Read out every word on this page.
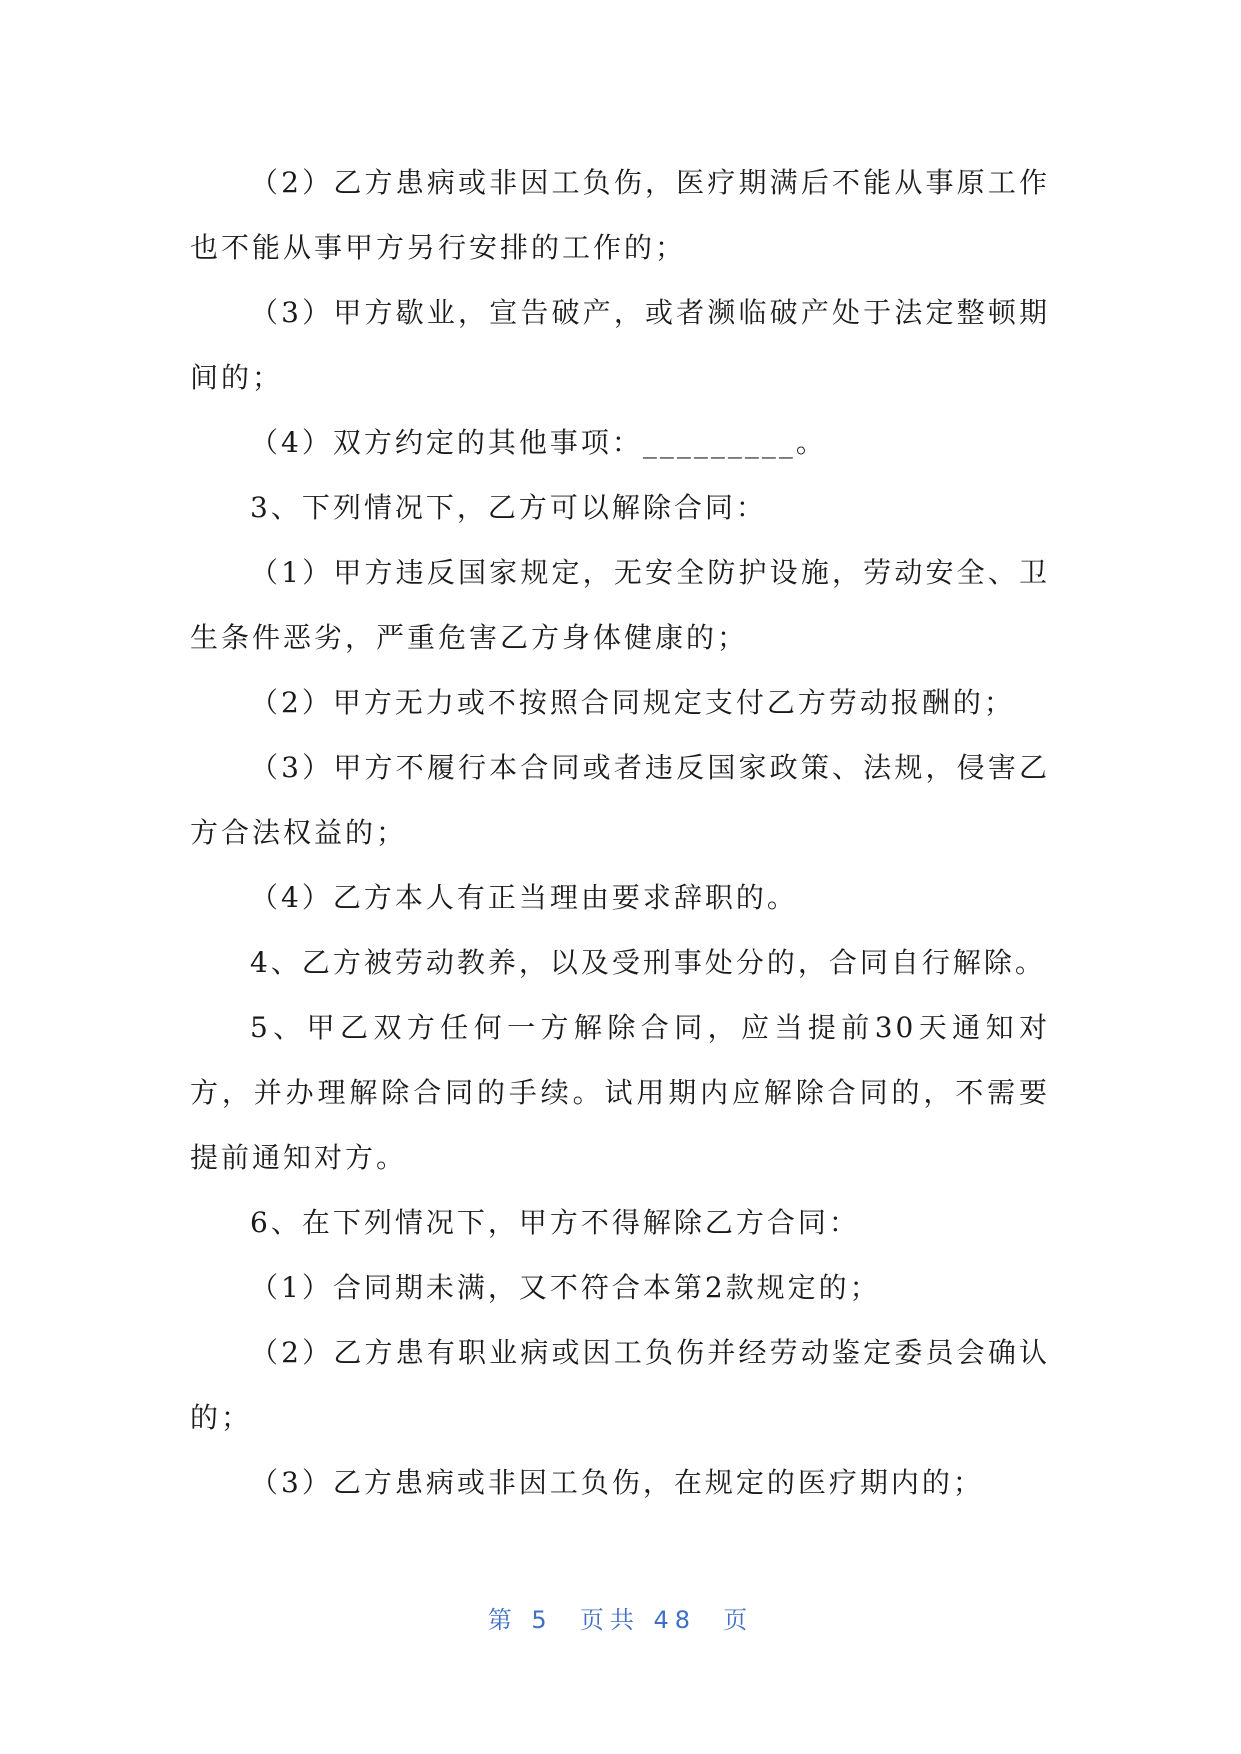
（2）乙方患病或非因工负伤，医疗期满后不能从事原工作也不能从事甲方另行安排的工作的；

（3）甲方歇业，宣告破产，或者濒临破产处于法定整顿期间的；

（4）双方约定的其他事项：_________。

3、下列情况下，乙方可以解除合同：

（1）甲方违反国家规定，无安全防护设施，劳动安全、卫生条件恶劣，严重危害乙方身体健康的；

（2）甲方无力或不按照合同规定支付乙方劳动报酬的；

（3）甲方不履行本合同或者违反国家政策、法规，侵害乙方合法权益的；

（4）乙方本人有正当理由要求辞职的。

4、乙方被劳动教养，以及受刑事处分的，合同自行解除。

5、甲乙双方任何一方解除合同，应当提前30天通知对方，并办理解除合同的手续。试用期内应解除合同的，不需要提前通知对方。

6、在下列情况下，甲方不得解除乙方合同：

（1）合同期未满，又不符合本第2款规定的；

（2）乙方患有职业病或因工负伤并经劳动鉴定委员会确认的；

（3）乙方患病或非因工负伤，在规定的医疗期内的；

第 5  页共 48  页
